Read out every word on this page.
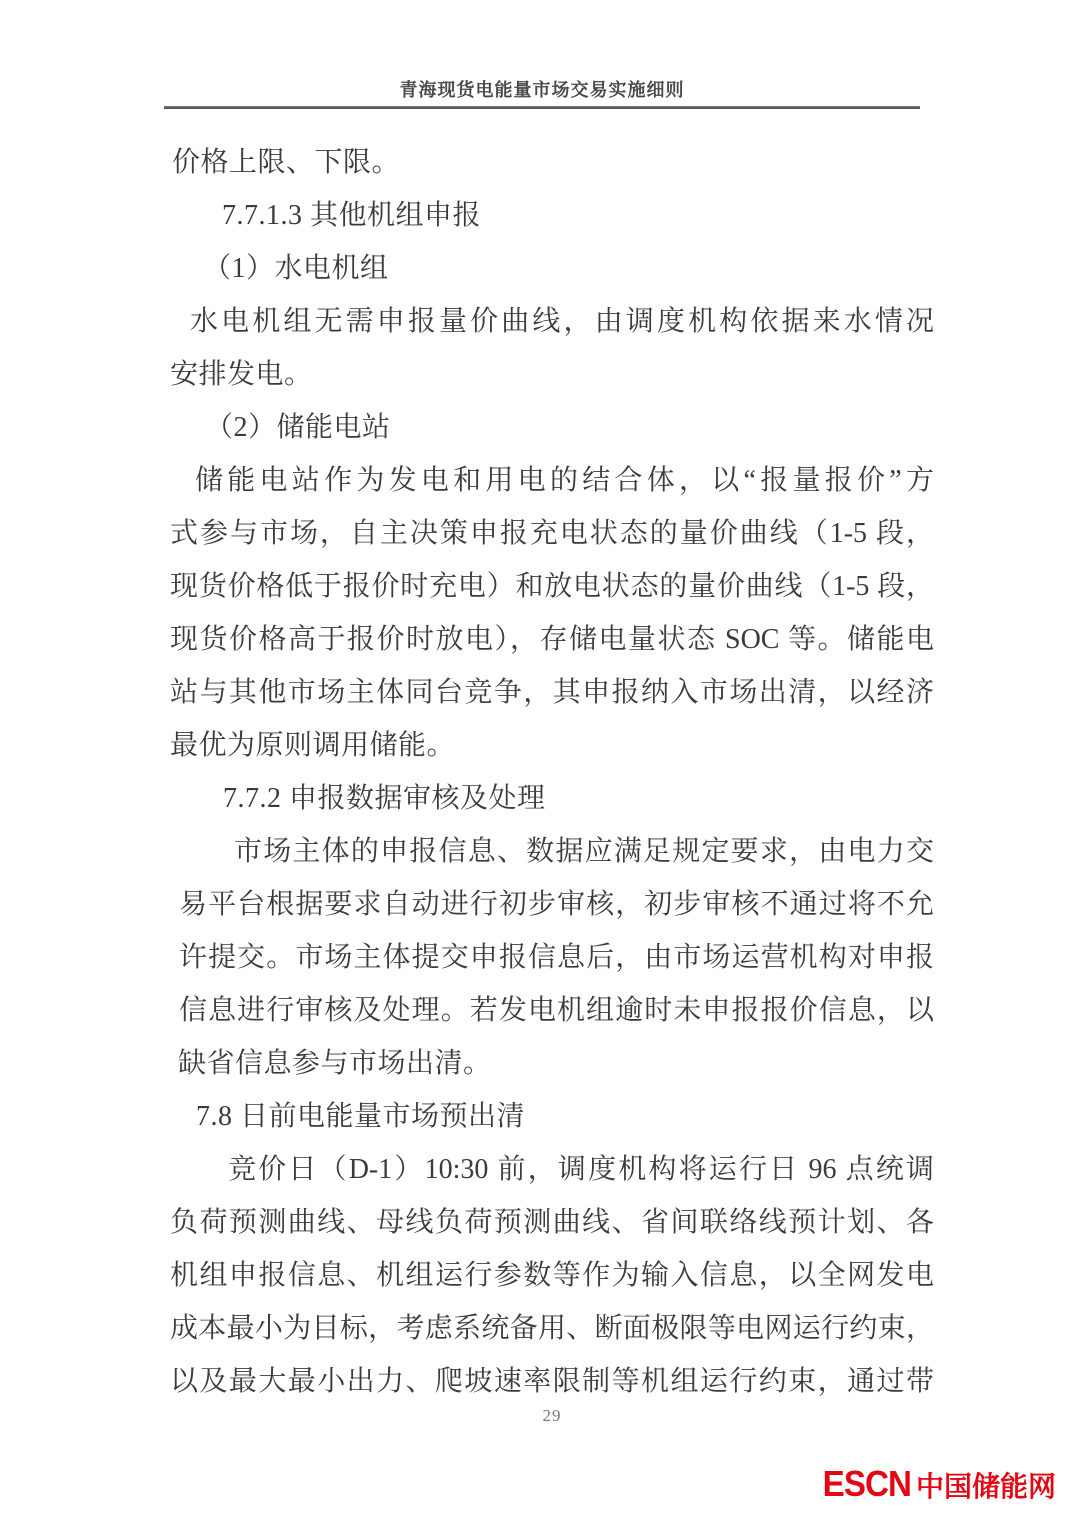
青海现货电能量市场交易实施细则
价格上限、下限。
7.7.1.3 其他机组申报
（1）水电机组
水电机组无需申报量价曲线，由调度机构依据来水情况
安排发电。
（2）储能电站
储能电站作为发电和用电的结合体，以“报量报价”方
式参与市场，自主决策申报充电状态的量价曲线（1-5 段，
现货价格低于报价时充电）和放电状态的量价曲线（1-5 段，
现货价格高于报价时放电），存储电量状态 SOC 等。储能电
站与其他市场主体同台竞争，其申报纳入市场出清，以经济
最优为原则调用储能。
7.7.2 申报数据审核及处理
市场主体的申报信息、数据应满足规定要求，由电力交
易平台根据要求自动进行初步审核，初步审核不通过将不允
许提交。市场主体提交申报信息后，由市场运营机构对申报
信息进行审核及处理。若发电机组逾时未申报报价信息，以
缺省信息参与市场出清。
7.8 日前电能量市场预出清
竞价日（D-1）10:30 前，调度机构将运行日 96 点统调
负荷预测曲线、母线负荷预测曲线、省间联络线预计划、各
机组申报信息、机组运行参数等作为输入信息，以全网发电
成本最小为目标，考虑系统备用、断面极限等电网运行约束，
以及最大最小出力、爬坡速率限制等机组运行约束，通过带
29
ESCN 中国储能网
